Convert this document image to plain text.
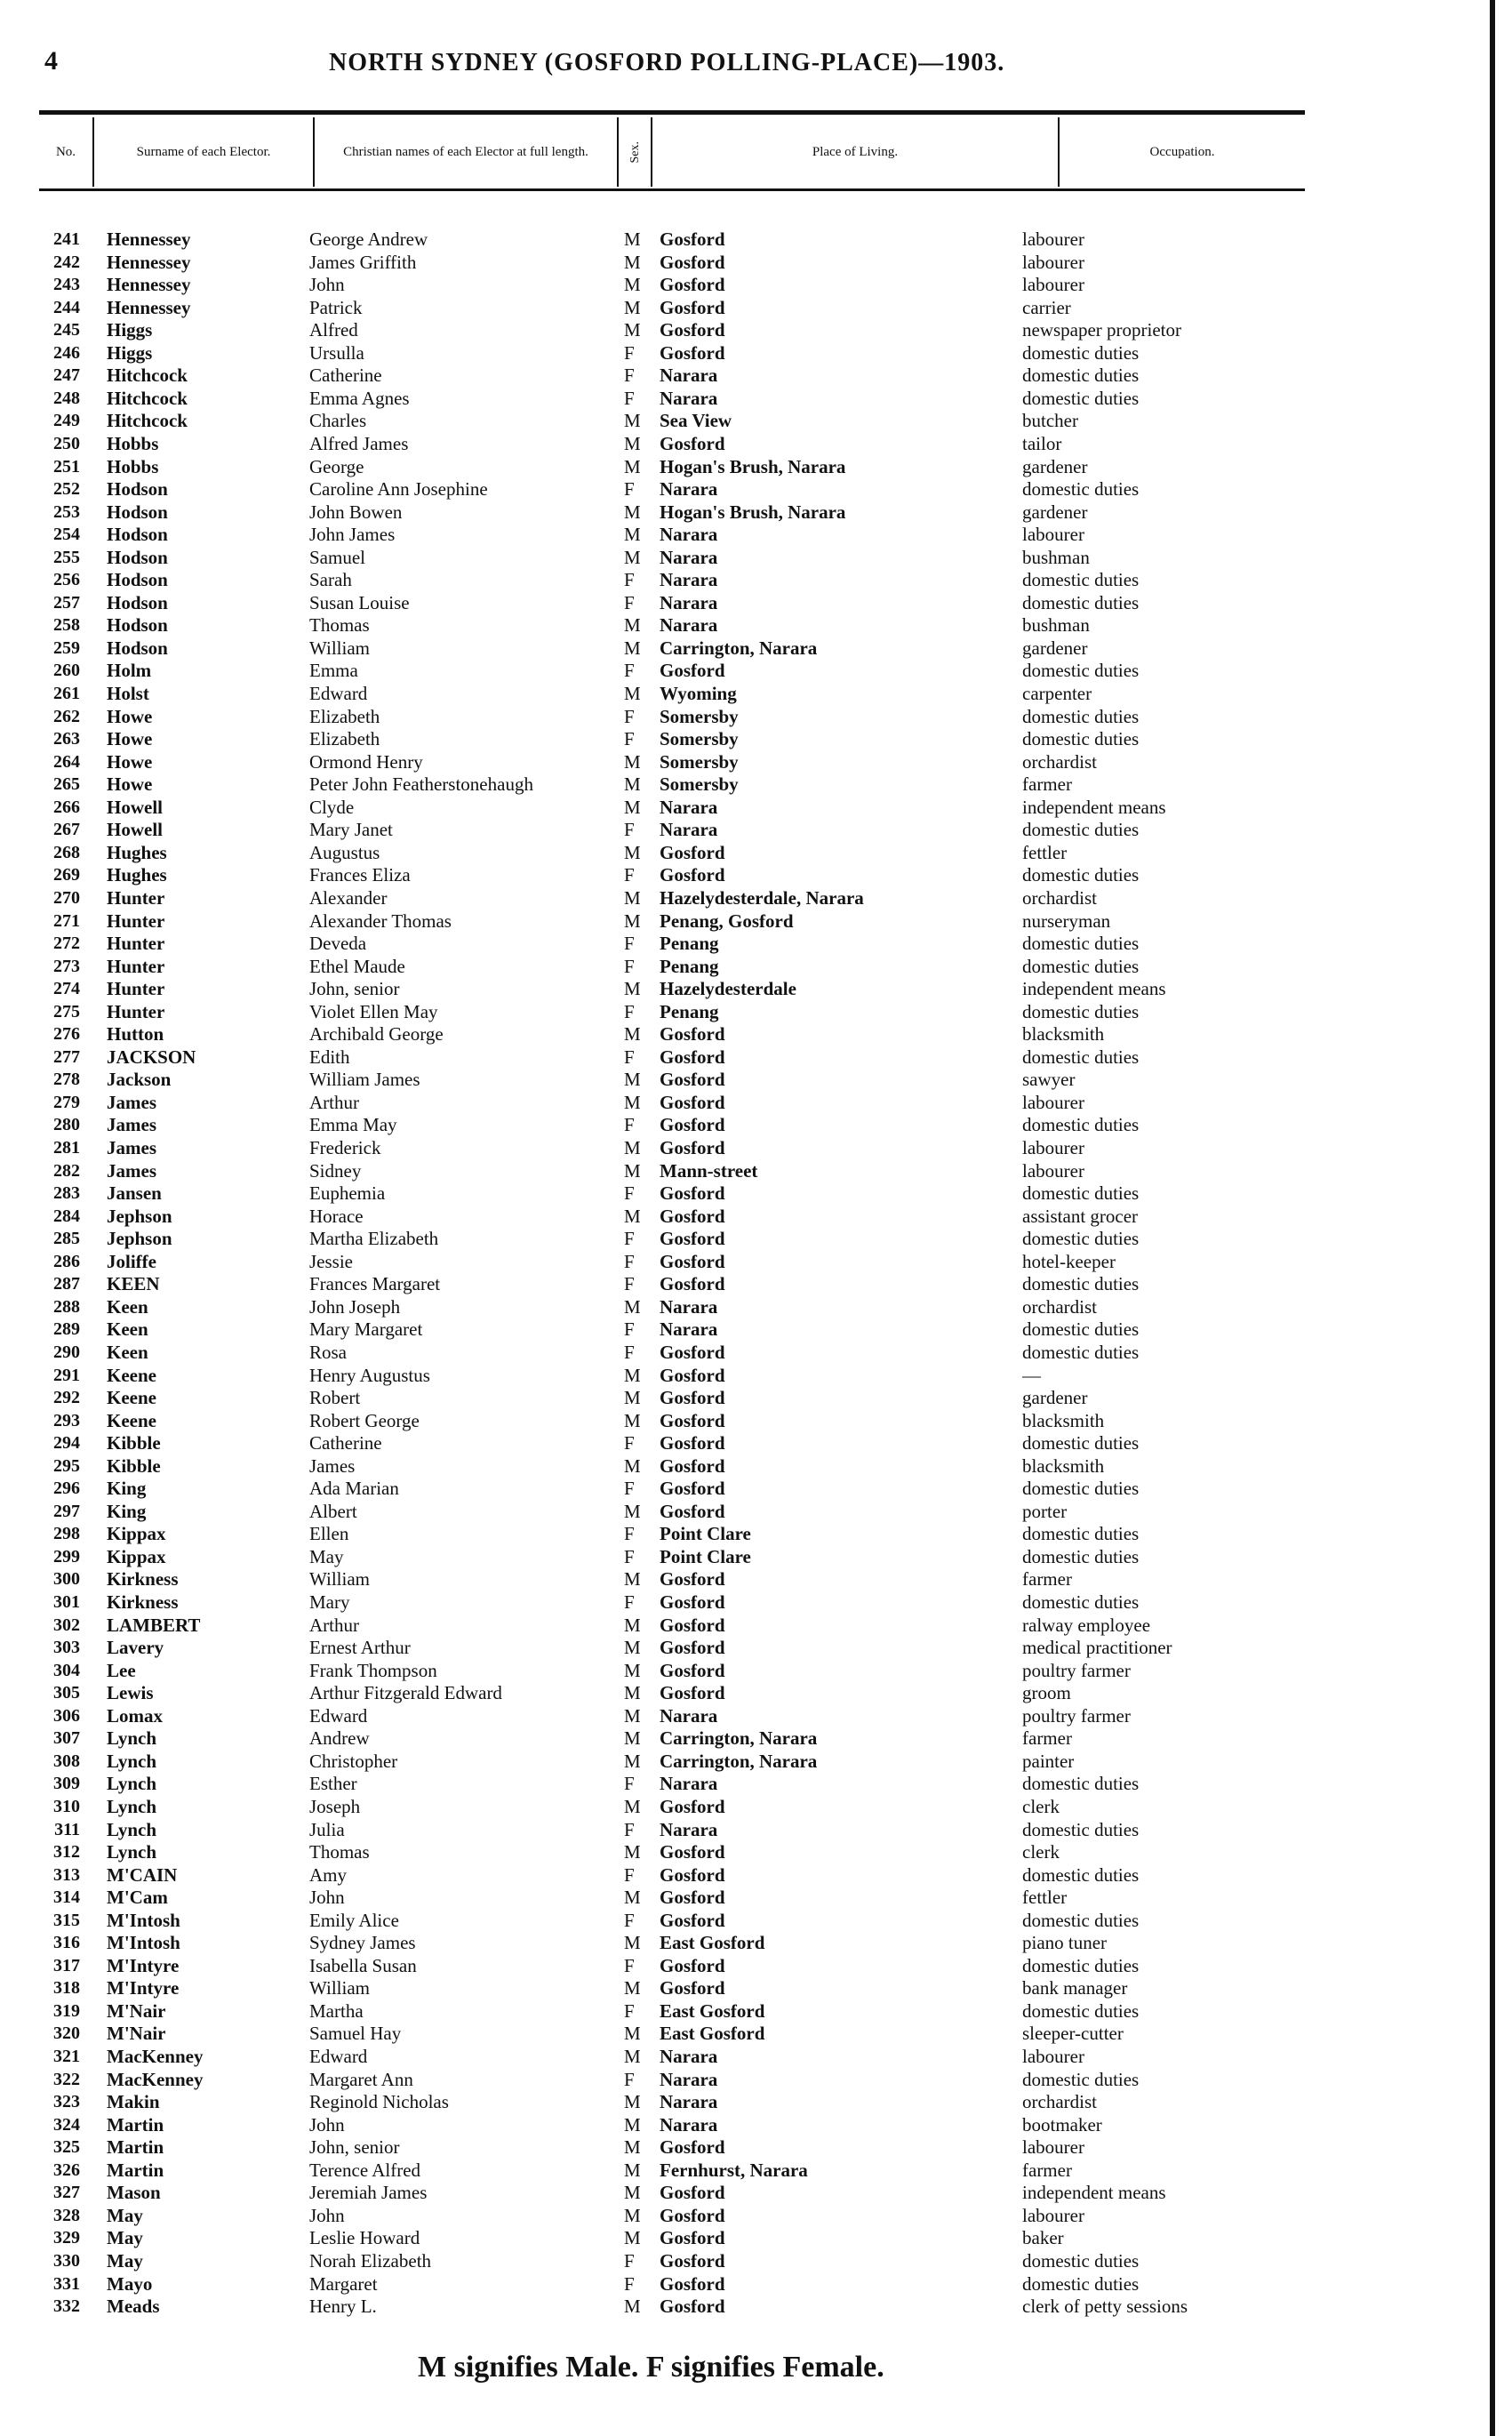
4	NORTH SYDNEY (GOSFORD POLLING-PLACE)—1903.
No.	Surname of each Elector.	Christian names of each Elector at full length.	Sex.	Place of Living.	Occupation.
241 Hennessey	George Andrew	M Gosford	labourer
242 Hennessey	James Griffith	M Gosford	labourer
243 Hennessey	John	M Gosford	labourer
244 Hennessey	Patrick	M Gosford	carrier
245 Higgs	Alfred	M Gosford	newspaper proprietor
246 Higgs	Ursulla	F Gosford	domestic duties
247 Hitchcock	Catherine	F Narara	domestic duties
248 Hitchcock	Emma Agnes	F Narara	domestic duties
249 Hitchcock	Charles	M Sea View	butcher
250 Hobbs	Alfred James	M Gosford	tailor
251 Hobbs	George	M Hogan's Brush, Narara	gardener
252 Hodson	Caroline Ann Josephine	F Narara	domestic duties
253 Hodson	John Bowen	M Hogan's Brush, Narara	gardener
254 Hodson	John James	M Narara	labourer
255 Hodson	Samuel	M Narara	bushman
256 Hodson	Sarah	F Narara	domestic duties
257 Hodson	Susan Louise	F Narara	domestic duties
258 Hodson	Thomas	M Narara	bushman
259 Hodson	William	M Carrington, Narara	gardener
260 Holm	Emma	F Gosford	domestic duties
261 Holst	Edward	M Wyoming	carpenter
262 Howe	Elizabeth	F Somersby	domestic duties
263 Howe	Elizabeth	F Somersby	domestic duties
264 Howe	Ormond Henry	M Somersby	orchardist
265 Howe	Peter John Featherstonehaugh	M Somersby	farmer
266 Howell	Clyde	M Narara	independent means
267 Howell	Mary Janet	F Narara	domestic duties
268 Hughes	Augustus	M Gosford	fettler
269 Hughes	Frances Eliza	F Gosford	domestic duties
270 Hunter	Alexander	M Hazelydesterdale, Narara	orchardist
271 Hunter	Alexander Thomas	M Penang, Gosford	nurseryman
272 Hunter	Deveda	F Penang	domestic duties
273 Hunter	Ethel Maude	F Penang	domestic duties
274 Hunter	John, senior	M Hazelydesterdale	independent means
275 Hunter	Violet Ellen May	F Penang	domestic duties
276 Hutton	Archibald George	M Gosford	blacksmith
277 JACKSON	Edith	F Gosford	domestic duties
278 Jackson	William James	M Gosford	sawyer
279 James	Arthur	M Gosford	labourer
280 James	Emma May	F Gosford	domestic duties
281 James	Frederick	M Gosford	labourer
282 James	Sidney	M Mann-street	labourer
283 Jansen	Euphemia	F Gosford	domestic duties
284 Jephson	Horace	M Gosford	assistant grocer
285 Jephson	Martha Elizabeth	F Gosford	domestic duties
286 Joliffe	Jessie	F Gosford	hotel-keeper
287 KEEN	Frances Margaret	F Gosford	domestic duties
288 Keen	John Joseph	M Narara	orchardist
289 Keen	Mary Margaret	F Narara	domestic duties
290 Keen	Rosa	F Gosford	domestic duties
291 Keene	Henry Augustus	M Gosford	—
292 Keene	Robert	M Gosford	gardener
293 Keene	Robert George	M Gosford	blacksmith
294 Kibble	Catherine	F Gosford	domestic duties
295 Kibble	James	M Gosford	blacksmith
296 King	Ada Marian	F Gosford	domestic duties
297 King	Albert	M Gosford	porter
298 Kippax	Ellen	F Point Clare	domestic duties
299 Kippax	May	F Point Clare	domestic duties
300 Kirkness	William	M Gosford	farmer
301 Kirkness	Mary	F Gosford	domestic duties
302 LAMBERT	Arthur	M Gosford	ralway employee
303 Lavery	Ernest Arthur	M Gosford	medical practitioner
304 Lee	Frank Thompson	M Gosford	poultry farmer
305 Lewis	Arthur Fitzgerald Edward	M Gosford	groom
306 Lomax	Edward	M Narara	poultry farmer
307 Lynch	Andrew	M Carrington, Narara	farmer
308 Lynch	Christopher	M Carrington, Narara	painter
309 Lynch	Esther	F Narara	domestic duties
310 Lynch	Joseph	M Gosford	clerk
311 Lynch	Julia	F Narara	domestic duties
312 Lynch	Thomas	M Gosford	clerk
313 M'CAIN	Amy	F Gosford	domestic duties
314 M'Cam	John	M Gosford	fettler
315 M'Intosh	Emily Alice	F Gosford	domestic duties
316 M'Intosh	Sydney James	M East Gosford	piano tuner
317 M'Intyre	Isabella Susan	F Gosford	domestic duties
318 M'Intyre	William	M Gosford	bank manager
319 M'Nair	Martha	F East Gosford	domestic duties
320 M'Nair	Samuel Hay	M East Gosford	sleeper-cutter
321 MacKenney	Edward	M Narara	labourer
322 MacKenney	Margaret Ann	F Narara	domestic duties
323 Makin	Reginold Nicholas	M Narara	orchardist
324 Martin	John	M Narara	bootmaker
325 Martin	John, senior	M Gosford	labourer
326 Martin	Terence Alfred	M Fernhurst, Narara	farmer
327 Mason	Jeremiah James	M Gosford	independent means
328 May	John	M Gosford	labourer
329 May	Leslie Howard	M Gosford	baker
330 May	Norah Elizabeth	F Gosford	domestic duties
331 Mayo	Margaret	F Gosford	domestic duties
332 Meads	Henry L.	M Gosford	clerk of petty sessions
M signifies Male. F signifies Female.
